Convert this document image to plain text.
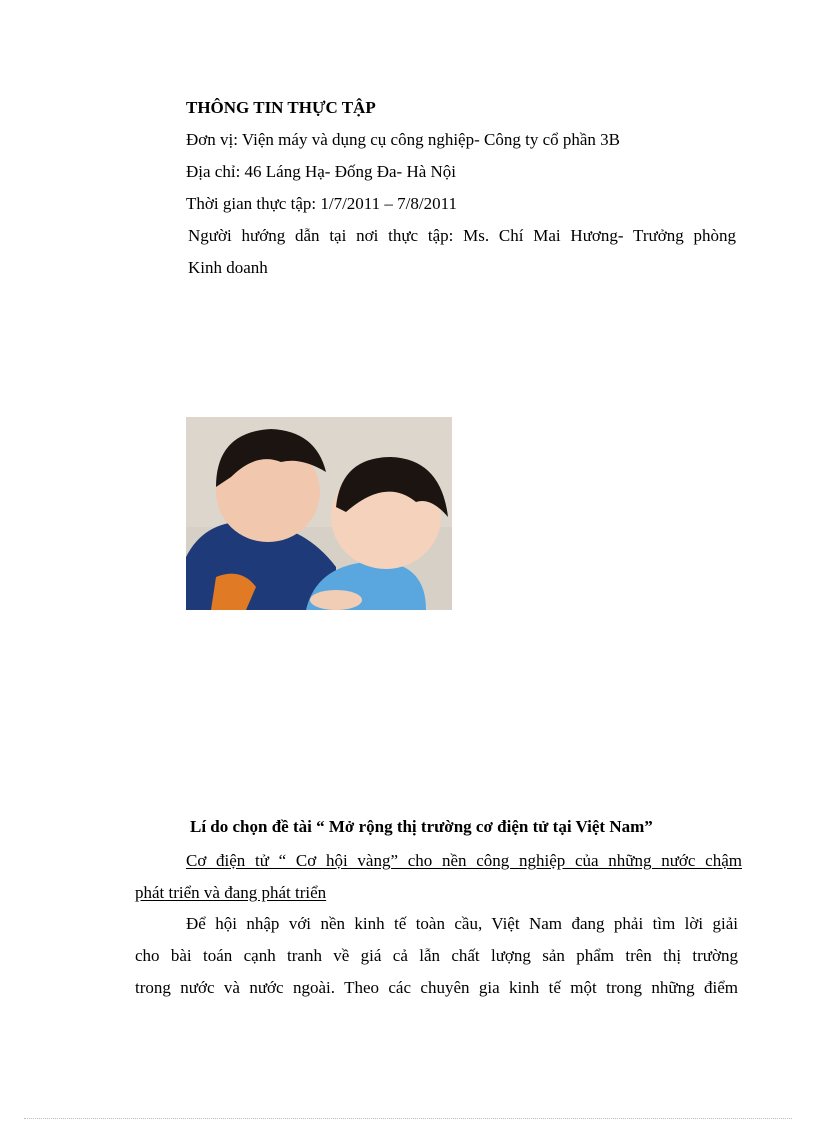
THÔNG TIN THỰC TẬP
Đơn vị: Viện máy và dụng cụ công nghiệp- Công ty cổ phần 3B
Địa chỉ: 46 Láng Hạ- Đống Đa- Hà Nội
Thời gian thực tập: 1/7/2011 – 7/8/2011
Người hướng dẫn tại nơi thực tập: Ms. Chí Mai Hương- Trưởng phòng
Kinh doanh
Lí do chọn đề tài “ Mở rộng thị trường cơ điện tử tại Việt Nam”
Cơ điện tử “ Cơ hội vàng” cho nền công nghiệp của những nước chậm
phát triển và đang phát triển
Để hội nhập với nền kinh tế toàn cầu, Việt Nam đang phải tìm lời giải
cho bài toán cạnh tranh về giá cả lẫn chất lượng sản phẩm trên thị trường
trong nước và nước ngoài. Theo các chuyên gia kinh tế một trong những điểm
